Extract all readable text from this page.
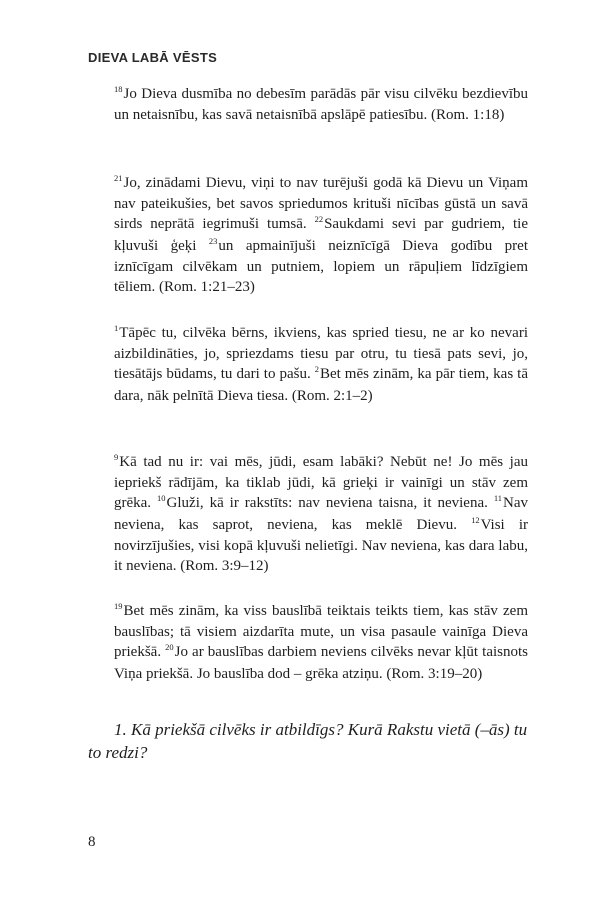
DIEVA LABĀ VĒSTS
$^{18}$Jo Dieva dusmība no debesīm parādās pār visu cilvēku bezdievību un netaisnību, kas savā netaisnībā apslāpē patiesību. (Rom. 1:18)
$^{21}$Jo, zinādami Dievu, viņi to nav turējuši godā kā Dievu un Viņam nav pateikušies, bet savos spriedumos krituši nīcības gūstā un savā sirds neprātā iegrimuši tumsā. $^{22}$Saukdami sevi par gudriem, tie kļuvuši ģeķi $^{23}$un apmainījuši neiznīcīgā Dieva godību pret iznīcīgam cilvēkam un putniem, lopiem un rāpuļiem līdzīgiem tēliem. (Rom. 1:21–23)
$^1$Tāpēc tu, cilvēka bērns, ikviens, kas spried tiesu, ne ar ko nevari aizbildināties, jo, spriezdams tiesu par otru, tu tiesā pats sevi, jo, tiesātājs būdams, tu dari to pašu. $^2$Bet mēs zinām, ka pār tiem, kas tā dara, nāk pelnītā Dieva tiesa. (Rom. 2:1–2)
$^9$Kā tad nu ir: vai mēs, jūdi, esam labāki? Nebūt ne! Jo mēs jau iepriekš rādījām, ka tiklab jūdi, kā grieķi ir vainīgi un stāv zem grēka. $^{10}$Gluži, kā ir rakstīts: nav neviena taisna, it neviena. $^{11}$Nav neviena, kas saprot, neviena, kas meklē Dievu. $^{12}$Visi ir novirzījušies, visi kopā kļuvuši nelietīgi. Nav neviena, kas dara labu, it neviena. (Rom. 3:9–12)
$^{19}$Bet mēs zinām, ka viss bauslībā teiktais teikts tiem, kas stāv zem bauslības; tā visiem aizdarīta mute, un visa pasaule vainīga Dieva priekšā. $^{20}$Jo ar bauslības darbiem neviens cilvēks nevar kļūt taisnots Viņa priekšā. Jo bauslība dod – grēka atziņu. (Rom. 3:19–20)
1. Kā priekšā cilvēks ir atbildīgs? Kurā Rakstu vietā (–ās) tu to redzi?
8
